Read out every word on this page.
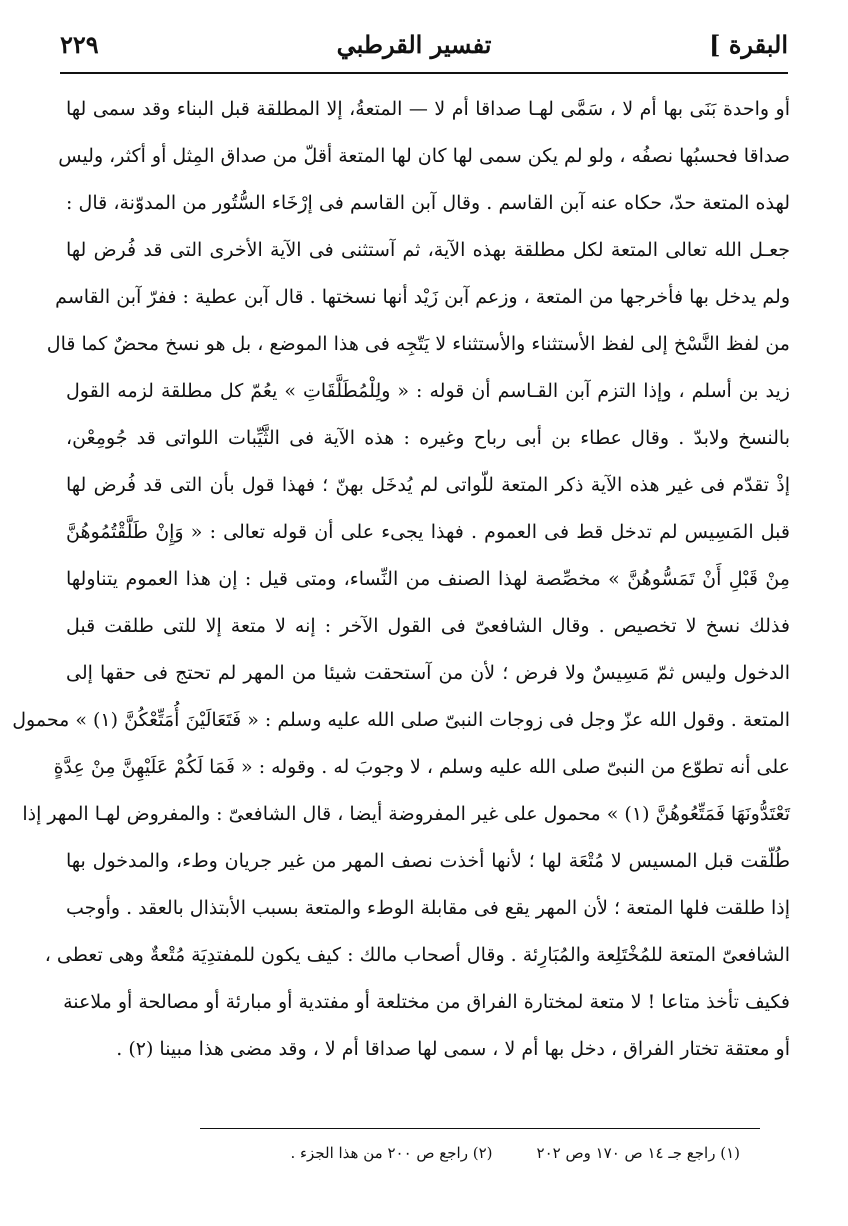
٢٢٩	تفسير القرطبي	البقرة ]
أو واحدة بَنَى بها أم لا ، سَمَّى لهـا صداقا أم لا — المتعةُ، إلا المطلقة قبل البناء وقد سمى لها
صداقا فحسبُها نصفُه ، ولو لم يكن سمى لها كان لها المتعة أقلّ من صداق المِثل أو أكثر، وليس
لهذه المتعة حدّ، حكاه عنه آبن القاسم . وقال آبن القاسم فى إرْخَاء السُّتُور من المدوّنة، قال :
جعـل الله تعالى المتعة لكل مطلقة بهذه الآية، ثم آستثنى فى الآية الأخرى التى قد فُرض لها
ولم يدخل بها فأخرجها من المتعة ، وزعم آبن زَيْد أنها نسختها . قال آبن عطية : ففرّ آبن القاسم
من لفظ النَّسْخ إلى لفظ الأستثناء والأستثناء لا يَتّجِه فى هذا الموضع ، بل هو نسخ محضٌ كما قال
زيد بن أسلم ، وإذا التزم آبن القـاسم أن قوله : « ولِلْمُطَلَّقَاتِ » يعُمّ كل مطلقة لزمه القول
بالنسخ ولابدّ . وقال عطاء بن أبى رباح وغيره : هذه الآية فى الثَّيِّبات اللواتى قد جُومِعْن،
إذْ تقدّم فى غير هذه الآية ذكر المتعة للّواتى لم يُدخَل بهنّ ؛ فهذا قول بأن التى قد فُرض لها
قبل المَسِيس لم تدخل قط فى العموم . فهذا يجىء على أن قوله تعالى : « وَإِنْ طَلَّقْتُمُوهُنَّ
مِنْ قَبْلِ أَنْ تَمَسُّوهُنَّ » مخصِّصة لهذا الصنف من النِّساء، ومتى قيل : إن هذا العموم يتناولها
فذلك نسخ لا تخصيص . وقال الشافعىّ فى القول الآخر : إنه لا متعة إلا للتى طلقت قبل
الدخول وليس ثمّ مَسِيسٌ ولا فرض ؛ لأن من آستحقت شيئا من المهر لم تحتج فى حقها إلى
المتعة . وقول الله عزّ وجل فى زوجات النبىّ صلى الله عليه وسلم : « فَتَعَالَيْنَ أُمَتِّعْكُنَّ (١) » محمول
على أنه تطوّع من النبىّ صلى الله عليه وسلم ، لا وجوبَ له . وقوله : « فَمَا لَكُمْ عَلَيْهِنَّ مِنْ عِدَّةٍ
تَعْتَدُّونَهَا فَمَتِّعُوهُنَّ (١) » محمول على غير المفروضة أيضا ، قال الشافعىّ : والمفروض لهـا المهر إذا
طُلّقت قبل المسيس لا مُتْعَة لها ؛ لأنها أخذت نصف المهر من غير جريان وطء، والمدخول بها
إذا طلقت فلها المتعة ؛ لأن المهر يقع فى مقابلة الوطء والمتعة بسبب الأبتذال بالعقد . وأوجب
الشافعىّ المتعة للمُخْتَلِعة والمُبَارِئة . وقال أصحاب مالك : كيف يكون للمفتدِيَة مُتْعةٌ وهى تعطى ،
فكيف تأخذ متاعا ! لا متعة لمختارة الفراق من مختلعة أو مفتدية أو مبارئة أو مصالحة أو ملاعنة
أو معتقة تختار الفراق ، دخل بها أم لا ، سمى لها صداقا أم لا ، وقد مضى هذا مبينا (٢) .
(١) راجع جـ ١٤ ص ١٧٠ وص ٢٠٢
(٢) راجع ص ٢٠٠ من هذا الجزء .
